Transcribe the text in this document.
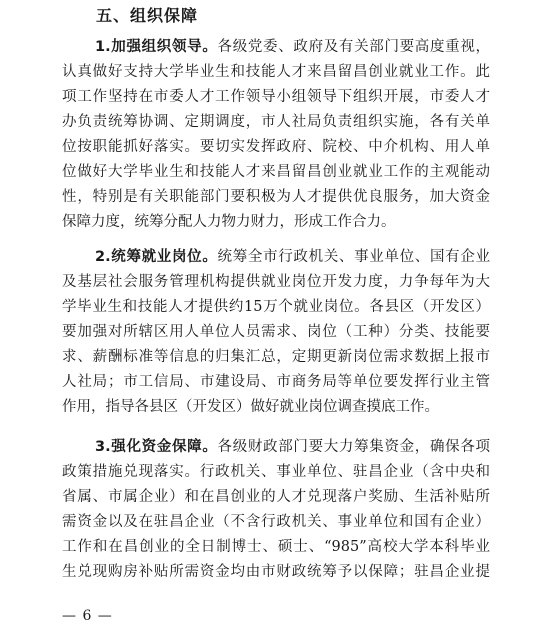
五、组织保障
1.加强组织领导。各级党委、政府及有关部门要高度重视，
认真做好支持大学毕业生和技能人才来昌留昌创业就业工作。此
项工作坚持在市委人才工作领导小组领导下组织开展，市委人才
办负责统筹协调、定期调度，市人社局负责组织实施，各有关单
位按职能抓好落实。要切实发挥政府、院校、中介机构、用人单
位做好大学毕业生和技能人才来昌留昌创业就业工作的主观能动
性，特别是有关职能部门要积极为人才提供优良服务，加大资金
保障力度，统筹分配人力物力财力，形成工作合力。
2.统筹就业岗位。统筹全市行政机关、事业单位、国有企业
及基层社会服务管理机构提供就业岗位开发力度，力争每年为大
学毕业生和技能人才提供约15万个就业岗位。各县区（开发区）
要加强对所辖区用人单位人员需求、岗位（工种）分类、技能要
求、薪酬标准等信息的归集汇总，定期更新岗位需求数据上报市
人社局；市工信局、市建设局、市商务局等单位要发挥行业主管
作用，指导各县区（开发区）做好就业岗位调查摸底工作。
3.强化资金保障。各级财政部门要大力筹集资金，确保各项
政策措施兑现落实。行政机关、事业单位、驻昌企业（含中央和
省属、市属企业）和在昌创业的人才兑现落户奖励、生活补贴所
需资金以及在驻昌企业（不含行政机关、事业单位和国有企业）
工作和在昌创业的全日制博士、硕士、“985”高校大学本科毕业
生兑现购房补贴所需资金均由市财政统筹予以保障；驻昌企业提
— 6 —
